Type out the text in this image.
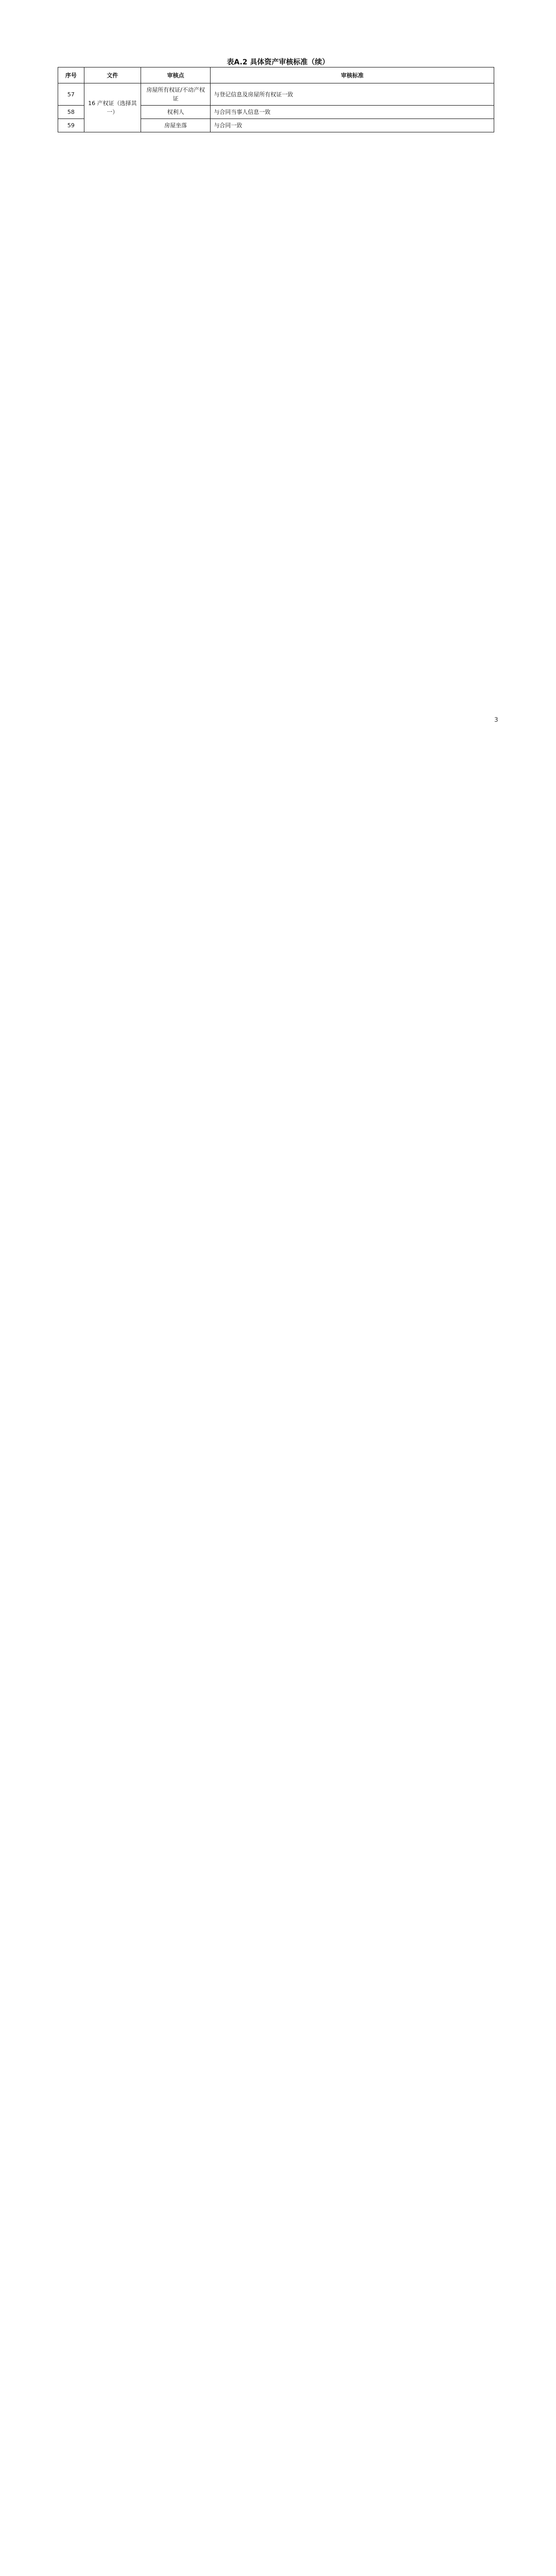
表A.2 具体资产审核标准（续）
序号	文件	审核点	审核标准
57	16 产权证（选择其一）	房屋所有权证/不动产权证	与登记信息及房屋所有权证一致
58		权利人	与合同当事人信息一致
59		房屋坐落	与合同一致
3
